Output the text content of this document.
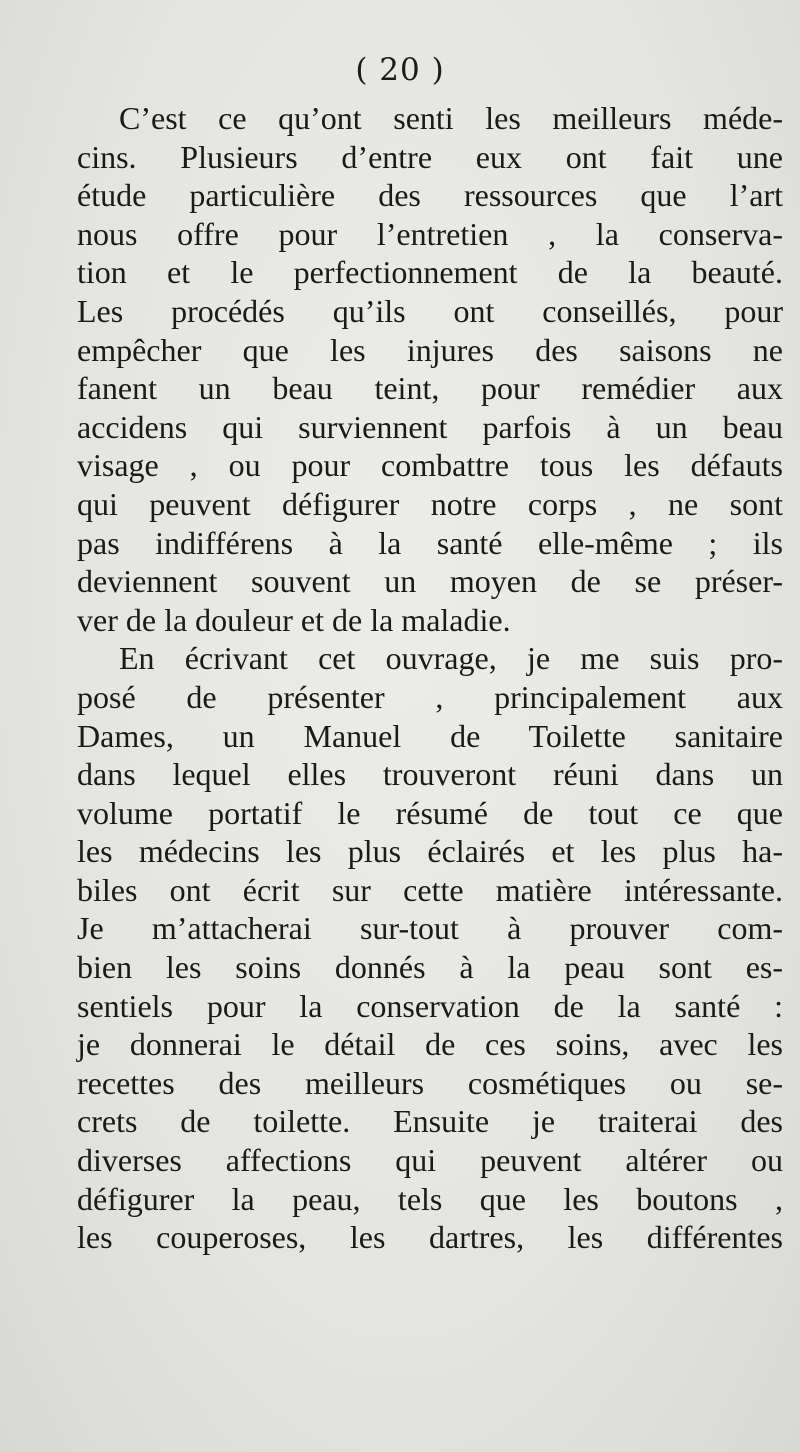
( 20 )
C’est ce qu’ont senti les meilleurs méde-
cins. Plusieurs d’entre eux ont fait une
étude particulière des ressources que l’art
nous offre pour l’entretien , la conserva-
tion et le perfectionnement de la beauté.
Les procédés qu’ils ont conseillés, pour
empêcher que les injures des saisons ne
fanent un beau teint, pour remédier aux
accidens qui surviennent parfois à un beau
visage , ou pour combattre tous les défauts
qui peuvent défigurer notre corps , ne sont
pas indifférens à la santé elle-même ; ils
deviennent souvent un moyen de se préser-
ver de la douleur et de la maladie.
En écrivant cet ouvrage, je me suis pro-
posé de présenter , principalement aux
Dames, un Manuel de Toilette sanitaire
dans lequel elles trouveront réuni dans un
volume portatif le résumé de tout ce que
les médecins les plus éclairés et les plus ha-
biles ont écrit sur cette matière intéressante.
Je m’attacherai sur-tout à prouver com-
bien les soins donnés à la peau sont es-
sentiels pour la conservation de la santé :
je donnerai le détail de ces soins, avec les
recettes des meilleurs cosmétiques ou se-
crets de toilette. Ensuite je traiterai des
diverses affections qui peuvent altérer ou
défigurer la peau, tels que les boutons ,
les couperoses, les dartres, les différentes
